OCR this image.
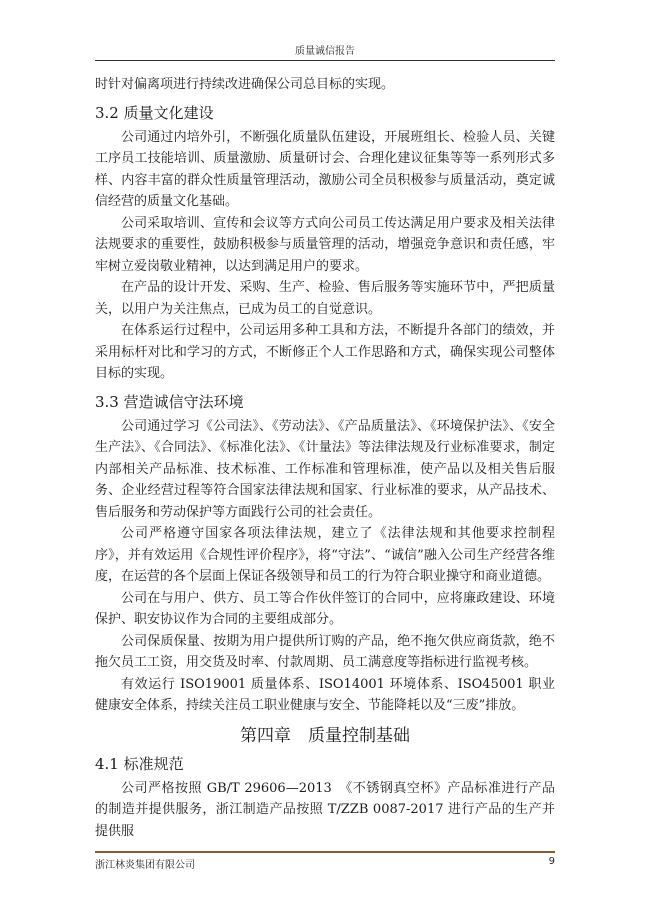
质量诚信报告

时针对偏离项进行持续改进确保公司总目标的实现。

3.2 质量文化建设

公司通过内培外引，不断强化质量队伍建设，开展班组长、检验人员、关键工序员工技能培训、质量激励、质量研讨会、合理化建议征集等等一系列形式多样、内容丰富的群众性质量管理活动，激励公司全员积极参与质量活动，奠定诚信经营的质量文化基础。

公司采取培训、宣传和会议等方式向公司员工传达满足用户要求及相关法律法规要求的重要性，鼓励积极参与质量管理的活动，增强竞争意识和责任感，牢牢树立爱岗敬业精神，以达到满足用户的要求。

在产品的设计开发、采购、生产、检验、售后服务等实施环节中，严把质量关，以用户为关注焦点，已成为员工的自觉意识。

在体系运行过程中，公司运用多种工具和方法，不断提升各部门的绩效，并采用标杆对比和学习的方式，不断修正个人工作思路和方式，确保实现公司整体目标的实现。

3.3 营造诚信守法环境

公司通过学习《公司法》、《劳动法》、《产品质量法》、《环境保护法》、《安全生产法》、《合同法》、《标准化法》、《计量法》等法律法规及行业标准要求，制定内部相关产品标准、技术标准、工作标准和管理标准，使产品以及相关售后服务、企业经营过程等符合国家法律法规和国家、行业标准的要求，从产品技术、售后服务和劳动保护等方面践行公司的社会责任。

公司严格遵守国家各项法律法规，建立了《法律法规和其他要求控制程序》，并有效运用《合规性评价程序》，将“守法”、“诚信”融入公司生产经营各维度，在运营的各个层面上保证各级领导和员工的行为符合职业操守和商业道德。

公司在与用户、供方、员工等合作伙伴签订的合同中，应将廉政建设、环境保护、职安协议作为合同的主要组成部分。

公司保质保量、按期为用户提供所订购的产品，绝不拖欠供应商货款，绝不拖欠员工工资，用交货及时率、付款周期、员工满意度等指标进行监视考核。

有效运行 ISO19001 质量体系、ISO14001 环境体系、ISO45001 职业健康安全体系，持续关注员工职业健康与安全、节能降耗以及“三废”排放。

第四章　质量控制基础
4.1 标准规范

公司严格按照 GB/T 29606—2013　《不锈钢真空杯》产品标准进行产品的制造并提供服务，浙江制造产品按照 T/ZZB 0087-2017 进行产品的生产并提供服

浙江林炎集团有限公司	9
